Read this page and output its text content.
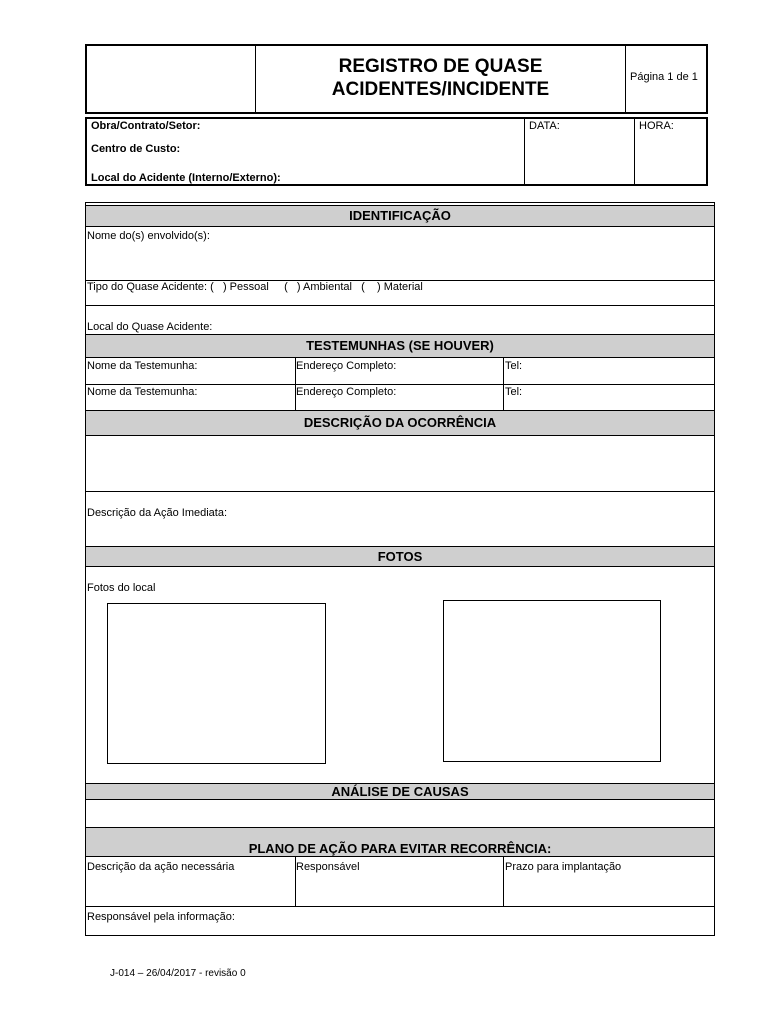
REGISTRO DE QUASE
ACIDENTES/INCIDENTE
Página 1 de 1
Obra/Contrato/Setor:
Centro de Custo:
Local do Acidente (Interno/Externo):
DATA:	HORA:
IDENTIFICAÇÃO
Nome do(s) envolvido(s):
Tipo do Quase Acidente: (   ) Pessoal     (   ) Ambiental   (    ) Material
Local do Quase Acidente:
TESTEMUNHAS (SE HOUVER)
Nome da Testemunha:	Endereço Completo:	Tel:
Nome da Testemunha:	Endereço Completo:	Tel:
DESCRIÇÃO DA OCORRÊNCIA
Descrição da Ação Imediata:
FOTOS
Fotos do local
ANÁLISE DE CAUSAS
PLANO DE AÇÃO PARA EVITAR RECORRÊNCIA:
Descrição da ação necessária	Responsável	Prazo para implantação
Responsável pela informação:
J-014 – 26/04/2017 - revisão 0
